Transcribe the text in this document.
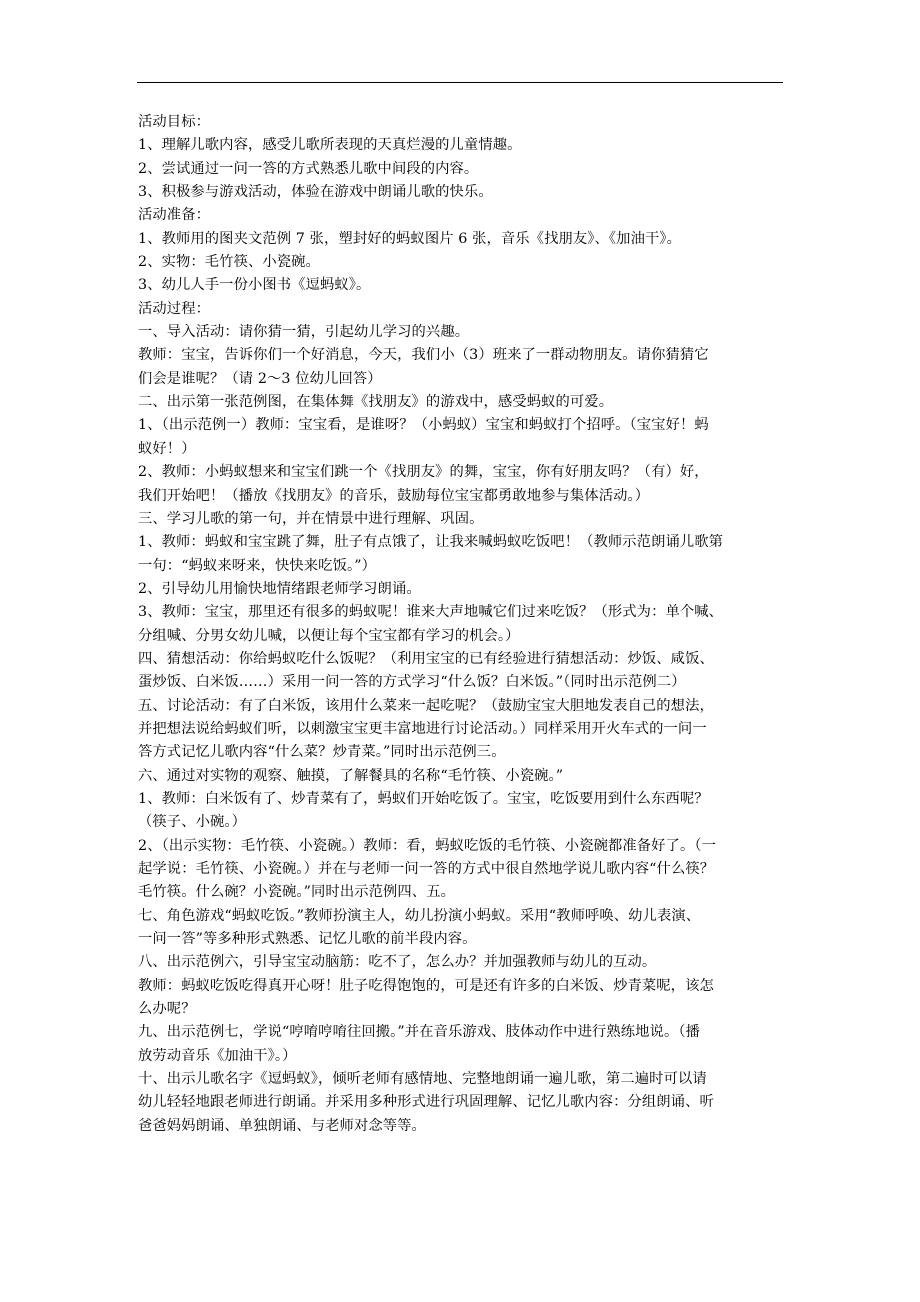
活动目标：
1、理解儿歌内容，感受儿歌所表现的天真烂漫的儿童情趣。
2、尝试通过一问一答的方式熟悉儿歌中间段的内容。
3、积极参与游戏活动，体验在游戏中朗诵儿歌的快乐。
活动准备：
1、教师用的图夹文范例 7 张，塑封好的蚂蚁图片 6 张，音乐《找朋友》、《加油干》。
2、实物：毛竹筷、小瓷碗。
3、幼儿人手一份小图书《逗蚂蚁》。
活动过程：
一、导入活动：请你猜一猜，引起幼儿学习的兴趣。
教师：宝宝，告诉你们一个好消息，今天，我们小（3）班来了一群动物朋友。请你猜猜它
们会是谁呢？（请 2～3 位幼儿回答）
二、出示第一张范例图，在集体舞《找朋友》的游戏中，感受蚂蚁的可爱。
1、（出示范例一）教师：宝宝看，是谁呀？（小蚂蚁）宝宝和蚂蚁打个招呼。（宝宝好！蚂
蚁好！）
2、教师：小蚂蚁想来和宝宝们跳一个《找朋友》的舞，宝宝，你有好朋友吗？（有）好，
我们开始吧！（播放《找朋友》的音乐，鼓励每位宝宝都勇敢地参与集体活动。）
三、学习儿歌的第一句，并在情景中进行理解、巩固。
1、教师：蚂蚁和宝宝跳了舞，肚子有点饿了，让我来喊蚂蚁吃饭吧！（教师示范朗诵儿歌第
一句：“蚂蚁来呀来，快快来吃饭。”）
2、引导幼儿用愉快地情绪跟老师学习朗诵。
3、教师：宝宝，那里还有很多的蚂蚁呢！谁来大声地喊它们过来吃饭？（形式为：单个喊、
分组喊、分男女幼儿喊，以便让每个宝宝都有学习的机会。）
四、猜想活动：你给蚂蚁吃什么饭呢？（利用宝宝的已有经验进行猜想活动：炒饭、咸饭、
蛋炒饭、白米饭……）采用一问一答的方式学习“什么饭？白米饭。”（同时出示范例二）
五、讨论活动：有了白米饭，该用什么菜来一起吃呢？（鼓励宝宝大胆地发表自己的想法，
并把想法说给蚂蚁们听，以刺激宝宝更丰富地进行讨论活动。）同样采用开火车式的一问一
答方式记忆儿歌内容“什么菜？炒青菜。”同时出示范例三。
六、通过对实物的观察、触摸，了解餐具的名称“毛竹筷、小瓷碗。”
1、教师：白米饭有了、炒青菜有了，蚂蚁们开始吃饭了。宝宝，吃饭要用到什么东西呢？
（筷子、小碗。）
2、（出示实物：毛竹筷、小瓷碗。）教师：看，蚂蚁吃饭的毛竹筷、小瓷碗都准备好了。（一
起学说：毛竹筷、小瓷碗。）并在与老师一问一答的方式中很自然地学说儿歌内容“什么筷？
毛竹筷。什么碗？小瓷碗。”同时出示范例四、五。
七、角色游戏“蚂蚁吃饭。”教师扮演主人，幼儿扮演小蚂蚁。采用“教师呼唤、幼儿表演、
一问一答”等多种形式熟悉、记忆儿歌的前半段内容。
八、出示范例六，引导宝宝动脑筋：吃不了，怎么办？并加强教师与幼儿的互动。
教师：蚂蚁吃饭吃得真开心呀！肚子吃得饱饱的，可是还有许多的白米饭、炒青菜呢，该怎
么办呢？
九、出示范例七，学说“哼唷哼唷往回搬。”并在音乐游戏、肢体动作中进行熟练地说。（播
放劳动音乐《加油干》。）
十、出示儿歌名字《逗蚂蚁》，倾听老师有感情地、完整地朗诵一遍儿歌，第二遍时可以请
幼儿轻轻地跟老师进行朗诵。并采用多种形式进行巩固理解、记忆儿歌内容：分组朗诵、听
爸爸妈妈朗诵、单独朗诵、与老师对念等等。
